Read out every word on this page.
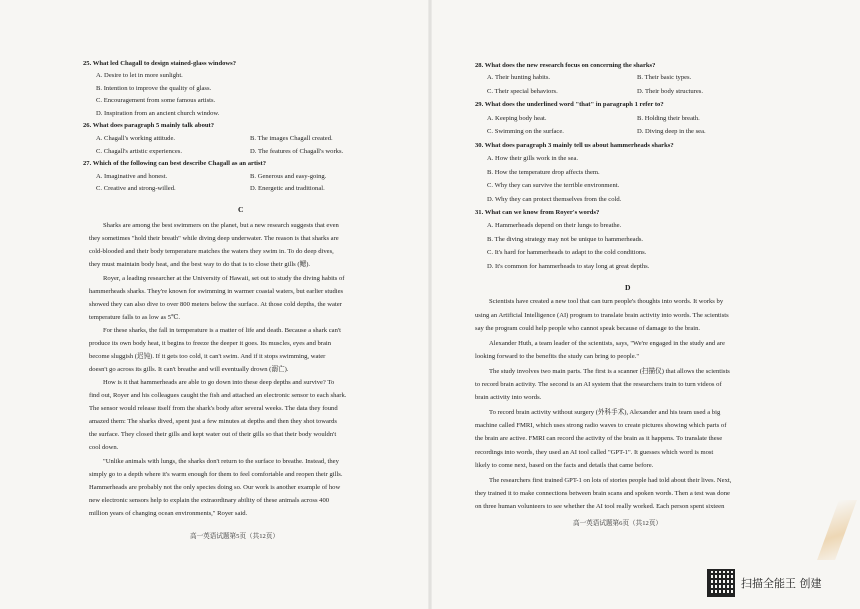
25. What led Chagall to design stained-glass windows?
A. Desire to let in more sunlight.
B. Intention to improve the quality of glass.
C. Encouragement from some famous artists.
D. Inspiration from an ancient church window.
26. What does paragraph 5 mainly talk about?
A. Chagall's working attitude.	B. The images Chagall created.
C. Chagall's artistic experiences.	D. The features of Chagall's works.
27. Which of the following can best describe Chagall as an artist?
A. Imaginative and honest.	B. Generous and easy-going.
C. Creative and strong-willed.	D. Energetic and traditional.
C
Sharks are among the best swimmers on the planet, but a new research suggests that even
they sometimes "hold their breath" while diving deep underwater. The reason is that sharks are
cold-blooded and their body temperature matches the waters they swim in. To do deep dives,
they must maintain body heat, and the best way to do that is to close their gills (鳃).
Royer, a leading researcher at the University of Hawaii, set out to study the diving habits of
hammerheads sharks. They're known for swimming in warmer coastal waters, but earlier studies
showed they can also dive to over 800 meters below the surface. At those cold depths, the water
temperature falls to as low as 5℃.
For these sharks, the fall in temperature is a matter of life and death. Because a shark can't
produce its own body heat, it begins to freeze the deeper it goes. Its muscles, eyes and brain
become sluggish (迟钝). If it gets too cold, it can't swim. And if it stops swimming, water
doesn't go across its gills. It can't breathe and will eventually drown (溺亡).
How is it that hammerheads are able to go down into these deep depths and survive? To
find out, Royer and his colleagues caught the fish and attached an electronic sensor to each shark.
The sensor would release itself from the shark's body after several weeks. The data they found
amazed them: The sharks dived, spent just a few minutes at depths and then they shot towards
the surface. They closed their gills and kept water out of their gills so that their body wouldn't
cool down.
"Unlike animals with lungs, the sharks don't return to the surface to breathe. Instead, they
simply go to a depth where it's warm enough for them to feel comfortable and reopen their gills.
Hammerheads are probably not the only species doing so. Our work is another example of how
new electronic sensors help to explain the extraordinary ability of these animals across 400
million years of changing ocean environments," Royer said.
高一英语试题第5页（共12页）
28. What does the new research focus on concerning the sharks?
A. Their hunting habits.	B. Their basic types.
C. Their special behaviors.	D. Their body structures.
29. What does the underlined word "that" in paragraph 1 refer to?
A. Keeping body heat.	B. Holding their breath.
C. Swimming on the surface.	D. Diving deep in the sea.
30. What does paragraph 3 mainly tell us about hammerheads sharks?
A. How their gills work in the sea.
B. How the temperature drop affects them.
C. Why they can survive the terrible environment.
D. Why they can protect themselves from the cold.
31. What can we know from Royer's words?
A. Hammerheads depend on their lungs to breathe.
B. The diving strategy may not be unique to hammerheads.
C. It's hard for hammerheads to adapt to the cold conditions.
D. It's common for hammerheads to stay long at great depths.
D
Scientists have created a new tool that can turn people's thoughts into words. It works by
using an Artificial Intelligence (AI) program to translate brain activity into words. The scientists
say the program could help people who cannot speak because of damage to the brain.
Alexander Huth, a team leader of the scientists, says, "We're engaged in the study and are
looking forward to the benefits the study can bring to people."
The study involves two main parts. The first is a scanner (扫描仪) that allows the scientists
to record brain activity. The second is an AI system that the researchers train to turn videos of
brain activity into words.
To record brain activity without surgery (外科手术), Alexander and his team used a big
machine called FMRI, which uses strong radio waves to create pictures showing which parts of
the brain are active. FMRI can record the activity of the brain as it happens. To translate these
recordings into words, they used an AI tool called "GPT-1". It guesses which word is most
likely to come next, based on the facts and details that came before.
The researchers first trained GPT-1 on lots of stories people had told about their lives. Next,
they trained it to make connections between brain scans and spoken words. Then a test was done
on three human volunteers to see whether the AI tool really worked. Each person spent sixteen
高一英语试题第6页（共12页）
扫描全能王 创建
